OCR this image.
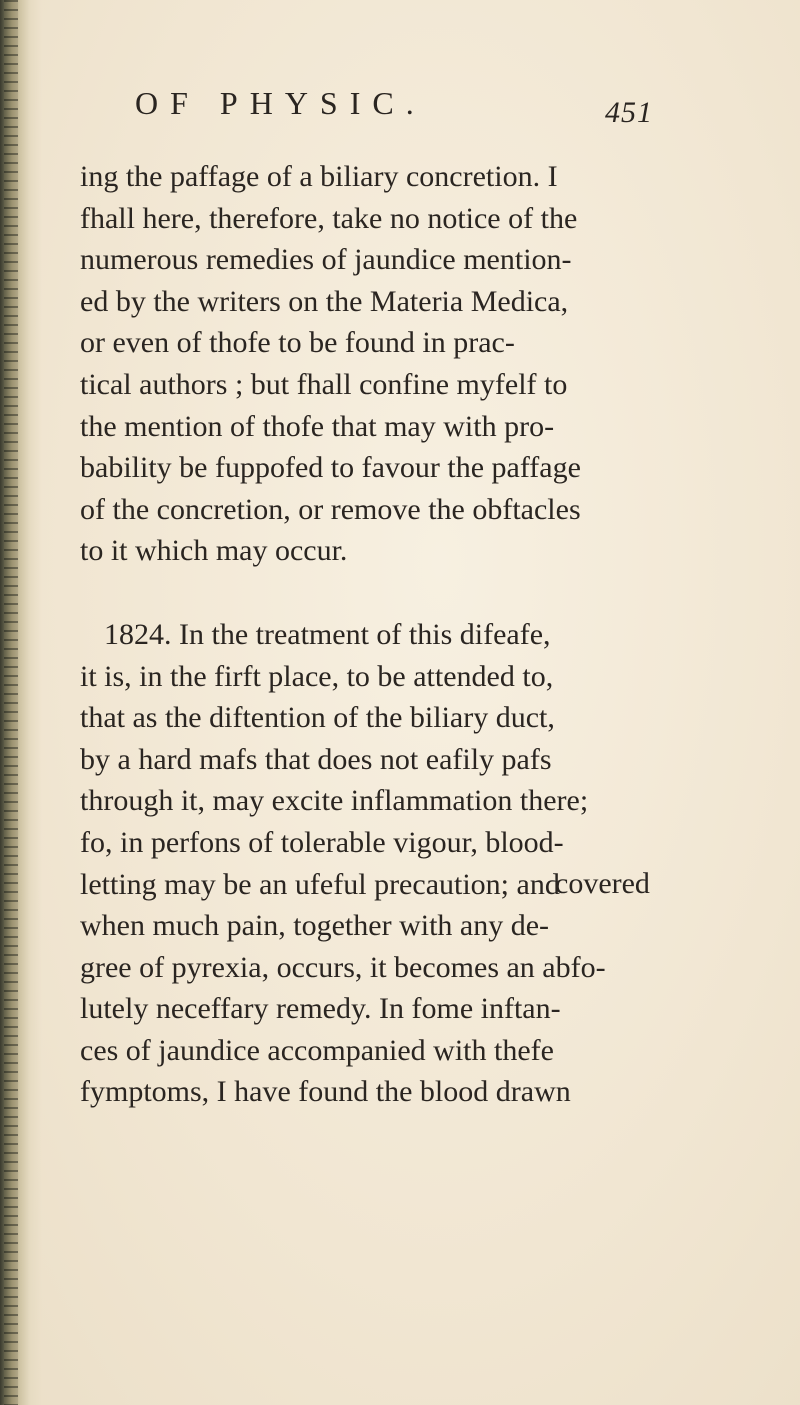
OF PHYSIC.	451
ing the paffage of a biliary concretion. I
fhall here, therefore, take no notice of the
numerous remedies of jaundice mention-
ed by the writers on the Materia Medica,
or even of thofe to be found in prac-
tical authors ; but fhall confine myfelf to
the mention of thofe that may with pro-
bability be fuppofed to favour the paffage
of the concretion, or remove the obftacles
to it which may occur.
1824. In the treatment of this difeafe,
it is, in the firft place, to be attended to,
that as the diftention of the biliary duct,
by a hard mafs that does not eafily pafs
through it, may excite inflammation there;
fo, in perfons of tolerable vigour, blood-
letting may be an ufeful precaution; and
when much pain, together with any de-
gree of pyrexia, occurs, it becomes an abfo-
lutely neceffary remedy. In fome inftan-
ces of jaundice accompanied with thefe
fymptoms, I have found the blood drawn
covered
